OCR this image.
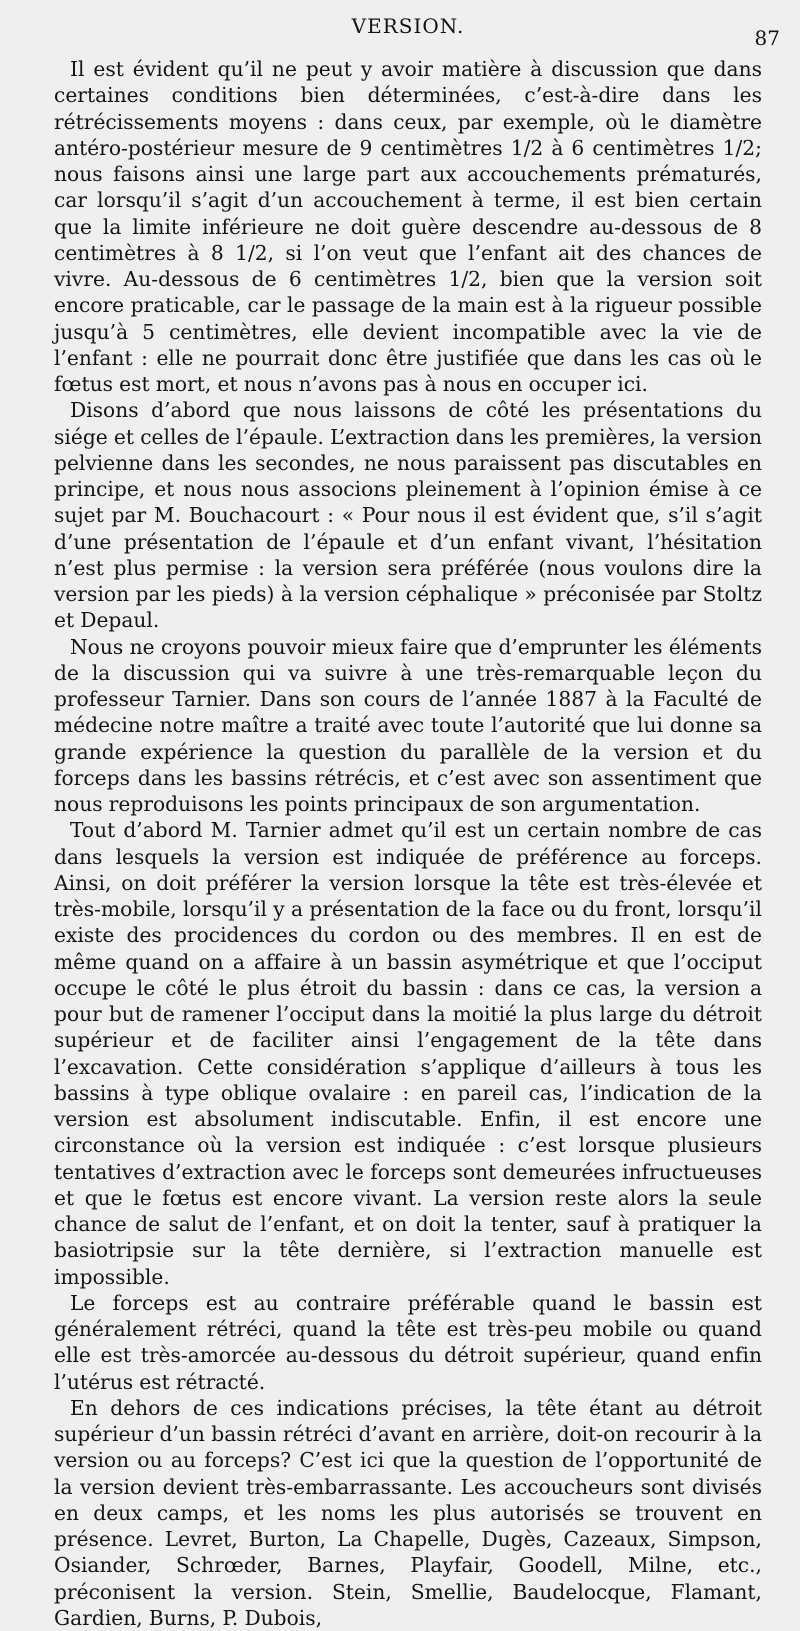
VERSION.	87

Il est évident qu’il ne peut y avoir matière à discussion que dans certaines conditions bien déterminées, c’est-à-dire dans les rétrécissements moyens : dans ceux, par exemple, où le diamètre antéro-postérieur mesure de 9 centimètres 1/2 à 6 centimètres 1/2; nous faisons ainsi une large part aux accouchements prématurés, car lorsqu’il s’agit d’un accouchement à terme, il est bien certain que la limite inférieure ne doit guère descendre au-dessous de 8 centimètres à 8 1/2, si l’on veut que l’enfant ait des chances de vivre. Au-dessous de 6 centimètres 1/2, bien que la version soit encore praticable, car le passage de la main est à la rigueur possible jusqu’à 5 centimètres, elle devient incompatible avec la vie de l’enfant : elle ne pourrait donc être justifiée que dans les cas où le fœtus est mort, et nous n’avons pas à nous en occuper ici.

Disons d’abord que nous laissons de côté les présentations du siége et celles de l’épaule. L’extraction dans les premières, la version pelvienne dans les secondes, ne nous paraissent pas discutables en principe, et nous nous associons pleinement à l’opinion émise à ce sujet par M. Bouchacourt : « Pour nous il est évident que, s’il s’agit d’une présentation de l’épaule et d’un enfant vivant, l’hésitation n’est plus permise : la version sera préférée (nous voulons dire la version par les pieds) à la version céphalique » préconisée par Stoltz et Depaul.

Nous ne croyons pouvoir mieux faire que d’emprunter les éléments de la discussion qui va suivre à une très-remarquable leçon du professeur Tarnier. Dans son cours de l’année 1887 à la Faculté de médecine notre maître a traité avec toute l’autorité que lui donne sa grande expérience la question du parallèle de la version et du forceps dans les bassins rétrécis, et c’est avec son assentiment que nous reproduisons les points principaux de son argumentation.

Tout d’abord M. Tarnier admet qu’il est un certain nombre de cas dans lesquels la version est indiquée de préférence au forceps. Ainsi, on doit préférer la version lorsque la tête est très-élevée et très-mobile, lorsqu’il y a présentation de la face ou du front, lorsqu’il existe des procidences du cordon ou des membres. Il en est de même quand on a affaire à un bassin asymétrique et que l’occiput occupe le côté le plus étroit du bassin : dans ce cas, la version a pour but de ramener l’occiput dans la moitié la plus large du détroit supérieur et de faciliter ainsi l’engagement de la tête dans l’excavation. Cette considération s’applique d’ailleurs à tous les bassins à type oblique ovalaire : en pareil cas, l’indication de la version est absolument indiscutable. Enfin, il est encore une circonstance où la version est indiquée : c’est lorsque plusieurs tentatives d’extraction avec le forceps sont demeurées infructueuses et que le fœtus est encore vivant. La version reste alors la seule chance de salut de l’enfant, et on doit la tenter, sauf à pratiquer la basiotripsie sur la tête dernière, si l’extraction manuelle est impossible.

Le forceps est au contraire préférable quand le bassin est généralement rétréci, quand la tête est très-peu mobile ou quand elle est très-amorcée au-dessous du détroit supérieur, quand enfin l’utérus est rétracté.

En dehors de ces indications précises, la tête étant au détroit supérieur d’un bassin rétréci d’avant en arrière, doit-on recourir à la version ou au forceps? C’est ici que la question de l’opportunité de la version devient très-embarrassante. Les accoucheurs sont divisés en deux camps, et les noms les plus autorisés se trouvent en présence. Levret, Burton, La Chapelle, Dugès, Cazeaux, Simpson, Osiander, Schrœder, Barnes, Playfair, Goodell, Milne, etc., préconisent la version. Stein, Smellie, Baudelocque, Flamant, Gardien, Burns, P. Dubois,
